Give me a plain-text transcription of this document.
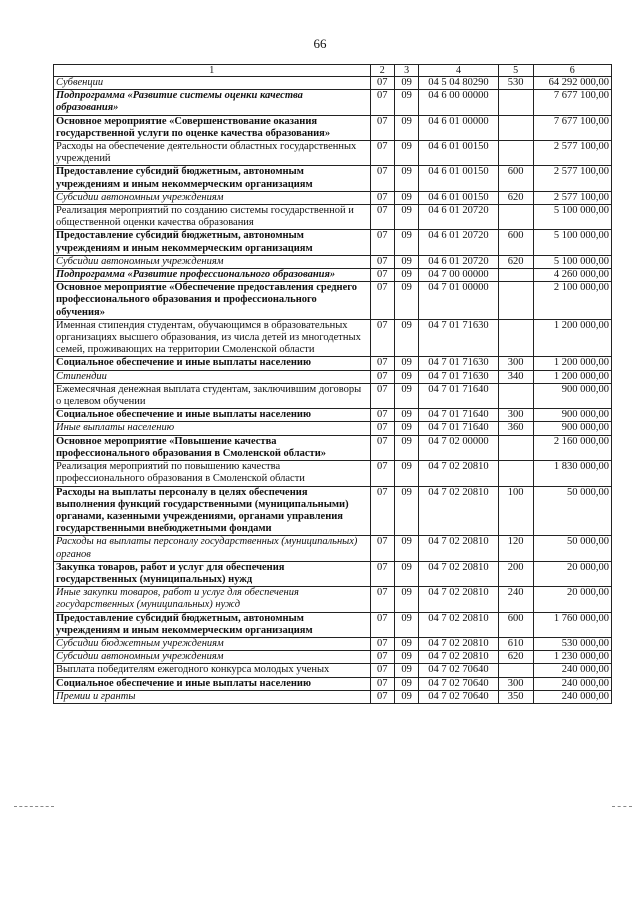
66
1	2	3	4	5	6
Субвенции	07	09	04 5 04 80290	530	64 292 000,00
Подпрограмма «Развитие системы оценки качества образования»	07	09	04 6 00 00000		7 677 100,00
Основное мероприятие «Совершенствование оказания государственной услуги по оценке качества образования»	07	09	04 6 01 00000		7 677 100,00
Расходы на обеспечение деятельности областных государственных учреждений	07	09	04 6 01 00150		2 577 100,00
Предоставление субсидий бюджетным, автономным учреждениям и иным некоммерческим организациям	07	09	04 6 01 00150	600	2 577 100,00
Субсидии автономным учреждениям	07	09	04 6 01 00150	620	2 577 100,00
Реализация мероприятий по созданию системы государственной и общественной оценки качества образования	07	09	04 6 01 20720		5 100 000,00
Предоставление субсидий бюджетным, автономным учреждениям и иным некоммерческим организациям	07	09	04 6 01 20720	600	5 100 000,00
Субсидии автономным учреждениям	07	09	04 6 01 20720	620	5 100 000,00
Подпрограмма «Развитие профессионального образования»	07	09	04 7 00 00000		4 260 000,00
Основное мероприятие «Обеспечение предоставления среднего профессионального образования и профессионального обучения»	07	09	04 7 01 00000		2 100 000,00
Именная стипендия студентам, обучающимся в образовательных организациях высшего образования, из числа детей из многодетных семей, проживающих на территории Смоленской области	07	09	04 7 01 71630		1 200 000,00
Социальное обеспечение и иные выплаты населению	07	09	04 7 01 71630	300	1 200 000,00
Стипендии	07	09	04 7 01 71630	340	1 200 000,00
Ежемесячная денежная выплата студентам, заключившим договоры о целевом обучении	07	09	04 7 01 71640		900 000,00
Социальное обеспечение и иные выплаты населению	07	09	04 7 01 71640	300	900 000,00
Иные выплаты населению	07	09	04 7 01 71640	360	900 000,00
Основное мероприятие «Повышение качества профессионального образования в Смоленской области»	07	09	04 7 02 00000		2 160 000,00
Реализация мероприятий по повышению качества профессионального образования в Смоленской области	07	09	04 7 02 20810		1 830 000,00
Расходы на выплаты персоналу в целях обеспечения выполнения функций государственными (муниципальными) органами, казенными учреждениями, органами управления государственными внебюджетными фондами	07	09	04 7 02 20810	100	50 000,00
Расходы на выплаты персоналу государственных (муниципальных) органов	07	09	04 7 02 20810	120	50 000,00
Закупка товаров, работ и услуг для обеспечения государственных (муниципальных) нужд	07	09	04 7 02 20810	200	20 000,00
Иные закупки товаров, работ и услуг для обеспечения государственных (муниципальных) нужд	07	09	04 7 02 20810	240	20 000,00
Предоставление субсидий бюджетным, автономным учреждениям и иным некоммерческим организациям	07	09	04 7 02 20810	600	1 760 000,00
Субсидии бюджетным учреждениям	07	09	04 7 02 20810	610	530 000,00
Субсидии автономным учреждениям	07	09	04 7 02 20810	620	1 230 000,00
Выплата победителям ежегодного конкурса молодых ученых	07	09	04 7 02 70640		240 000,00
Социальное обеспечение и иные выплаты населению	07	09	04 7 02 70640	300	240 000,00
Премии и гранты	07	09	04 7 02 70640	350	240 000,00
